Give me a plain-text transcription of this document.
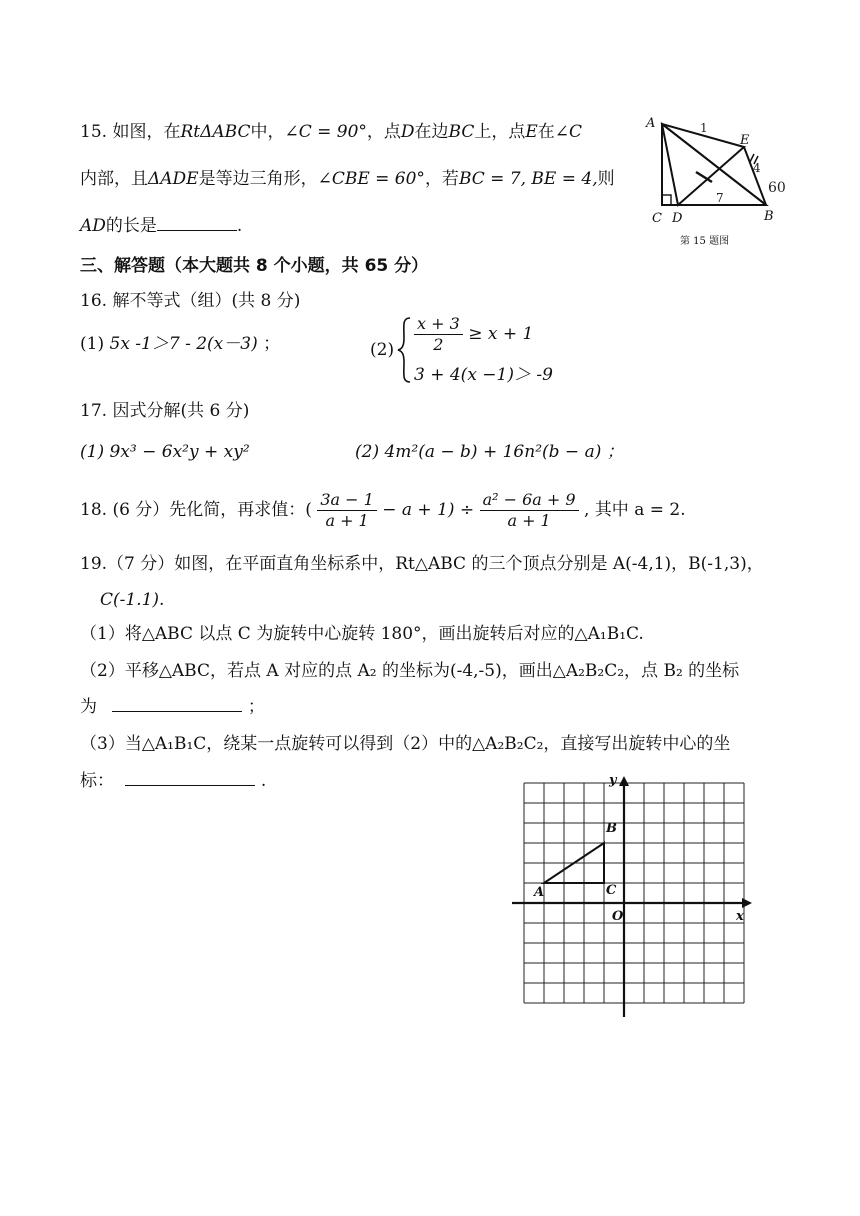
15. 如图，在RtΔABC中，∠C = 90°，点D在边BC上，点E在∠C
内部，且ΔADE是等边三角形，∠CBE = 60°，若BC = 7, BE = 4,则
AD的长是	.
A
E
C D	B
1
4
7
60
第 15 题图
三、解答题（本大题共 8 个小题，共 65 分）
16. 解不等式（组）(共 8 分)
(1) 5x -1＞7 - 2(x－3) ；	$(2) \frac{x + 3}{2} \ge x + 1$
3 + 4(x −1)＞ -9
17. 因式分解(共 6 分)
(1) 9x³ − 6x²y + xy²	(2) 4m²(a − b) + 16n²(b − a) ；
18. (6 分）先化简，再求值：( $\frac{3a - 1}{a + 1} - a + 1) \div \frac{\text{a² − 6a + 9}}{a + 1}$ , 其中 a = 2.
19.（7 分）如图，在平面直角坐标系中，Rt△ABC 的三个顶点分别是 A(-4,1)，B(-1,3)，
C(-1.1).
（1）将△ABC 以点 C 为旋转中心旋转 180°，画出旋转后对应的△A₁B₁C.
（2）平移△ABC，若点 A 对应的点 A₂ 的坐标为(-4,-5)，画出△A₂B₂C₂，点 B₂ 的坐标
为	；
（3）当△A₁B₁C，绕某一点旋转可以得到（2）中的△A₂B₂C₂，直接写出旋转中心的坐
标：	.	y
x
A
B
C
O
